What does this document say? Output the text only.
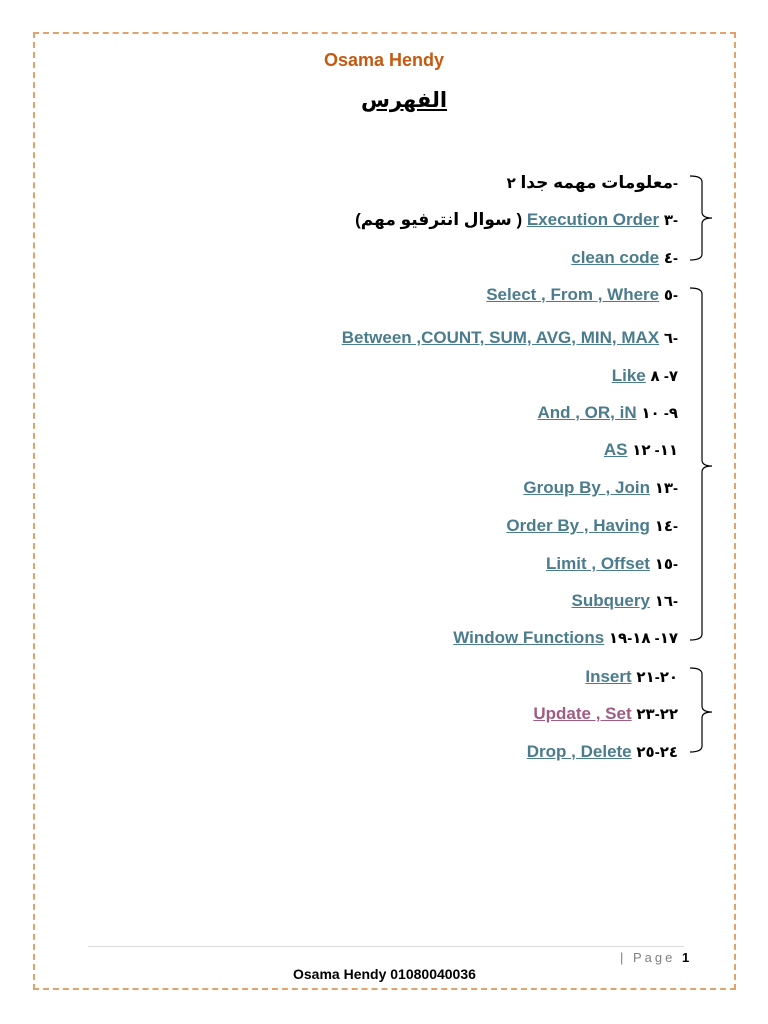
Osama Hendy
الفهرس
معلومات مهمه جدا ٢-
(سوال انترفيو مهم ) Execution Order ٣-
clean code ٤-
Select , From , Where ٥-
Between ,COUNT, SUM, AVG, MIN, MAX ٦-
Like ٧- ٨
And , OR, iN ٩- ١٠
AS ١١- ١٢
Group By , Join ١٣-
Order By , Having ١٤-
Limit , Offset ١٥-
Subquery ١٦-
Window Functions ١٧- ١٨-١٩
Insert ٢٠-٢١
Update , Set ٢٢-٢٣
Drop , Delete ٢٤-٢٥
| Page 1
Osama Hendy 01080040036
